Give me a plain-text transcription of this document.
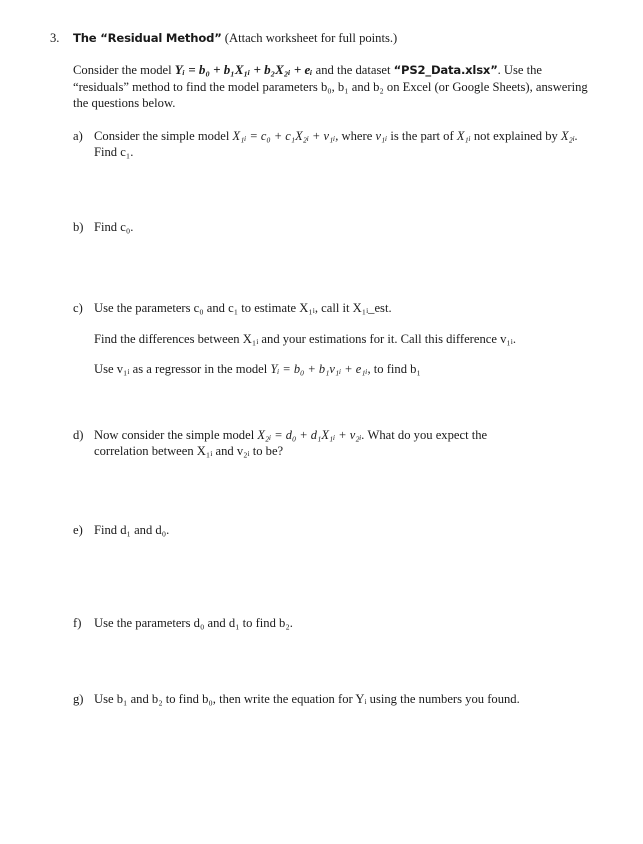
3. The “Residual Method” (Attach worksheet for full points.)
Consider the model Yᵢ = b₀ + b₁X₁ᵢ + b₂X₂ᵢ + eᵢ and the dataset “PS2_Data.xlsx”. Use the “residuals” method to find the model parameters b₀, b₁ and b₂ on Excel (or Google Sheets), answering the questions below.
a) Consider the simple model X₁ᵢ = c₀ + c₁X₂ᵢ + v₁ᵢ, where v₁ᵢ is the part of X₁ᵢ not explained by X₂ᵢ. Find c₁.
b) Find c₀.
c) Use the parameters c₀ and c₁ to estimate X₁ᵢ, call it X₁ᵢ_est.
Find the differences between X₁ᵢ and your estimations for it. Call this difference v₁ᵢ.
Use v₁ᵢ as a regressor in the model Yᵢ = b₀ + b₁v₁ᵢ + e₁ᵢ, to find b₁
d) Now consider the simple model X₂ᵢ = d₀ + d₁X₁ᵢ + v₂ᵢ. What do you expect the correlation between X₁ᵢ and v₂ᵢ to be?
e) Find d₁ and d₀.
f) Use the parameters d₀ and d₁ to find b₂.
g) Use b₁ and b₂ to find b₀, then write the equation for Yᵢ using the numbers you found.
